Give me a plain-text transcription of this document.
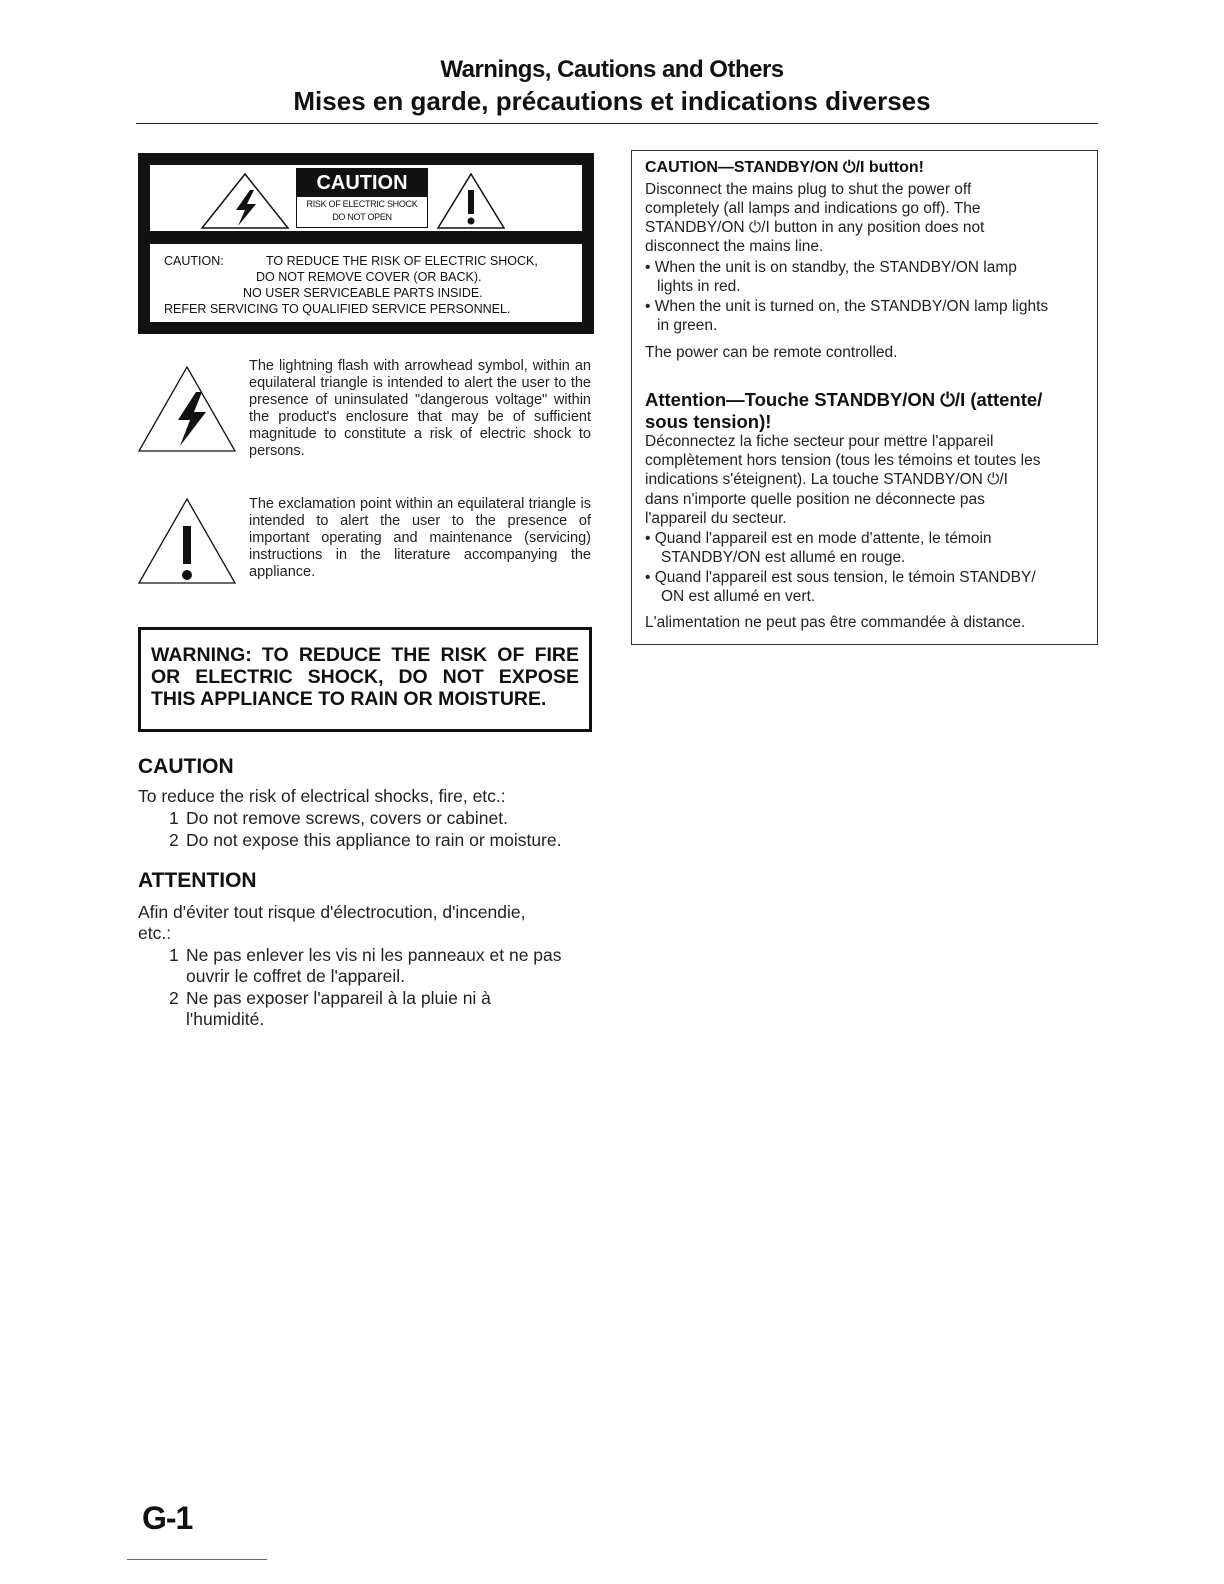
Warnings, Cautions and Others
Mises en garde, précautions et indications diverses
CAUTION
RISK OF ELECTRIC SHOCK
DO NOT OPEN
CAUTION:	TO REDUCE THE RISK OF ELECTRIC SHOCK,
DO NOT REMOVE COVER (OR BACK).
NO USER SERVICEABLE PARTS INSIDE.
REFER SERVICING TO QUALIFIED SERVICE PERSONNEL.
The lightning flash with arrowhead symbol, within an equilateral triangle is intended to alert the user to the presence of uninsulated "dangerous voltage" within the product's enclosure that may be of sufficient magnitude to constitute a risk of electric shock to persons.
The exclamation point within an equilateral triangle is intended to alert the user to the presence of important operating and maintenance (servicing) instructions in the literature accompanying the appliance.
WARNING: TO REDUCE THE RISK OF FIRE OR ELECTRIC SHOCK, DO NOT EXPOSE THIS APPLIANCE TO RAIN OR MOISTURE.
CAUTION
To reduce the risk of electrical shocks, fire, etc.:
1 Do not remove screws, covers or cabinet.
2 Do not expose this appliance to rain or moisture.
ATTENTION
Afin d'éviter tout risque d'électrocution, d'incendie,
etc.:
1 Ne pas enlever les vis ni les panneaux et ne pas
ouvrir le coffret de l'appareil.
2 Ne pas exposer l'appareil à la pluie ni à
l'humidité.
CAUTION—STANDBY/ON ⏻/I button!
Disconnect the mains plug to shut the power off
completely (all lamps and indications go off). The
STANDBY/ON ⏻/I button in any position does not
disconnect the mains line.
• When the unit is on standby, the STANDBY/ON lamp
lights in red.
• When the unit is turned on, the STANDBY/ON lamp lights
in green.
The power can be remote controlled.
Attention—Touche STANDBY/ON ⏻/I (attente/
sous tension)!
Déconnectez la fiche secteur pour mettre l'appareil
complètement hors tension (tous les témoins et toutes les
indications s'éteignent). La touche STANDBY/ON ⏻/I
dans n'importe quelle position ne déconnecte pas
l'appareil du secteur.
• Quand l'appareil est en mode d'attente, le témoin
STANDBY/ON est allumé en rouge.
• Quand l'appareil est sous tension, le témoin STANDBY/
ON est allumé en vert.
L'alimentation ne peut pas être commandée à distance.
G-1
